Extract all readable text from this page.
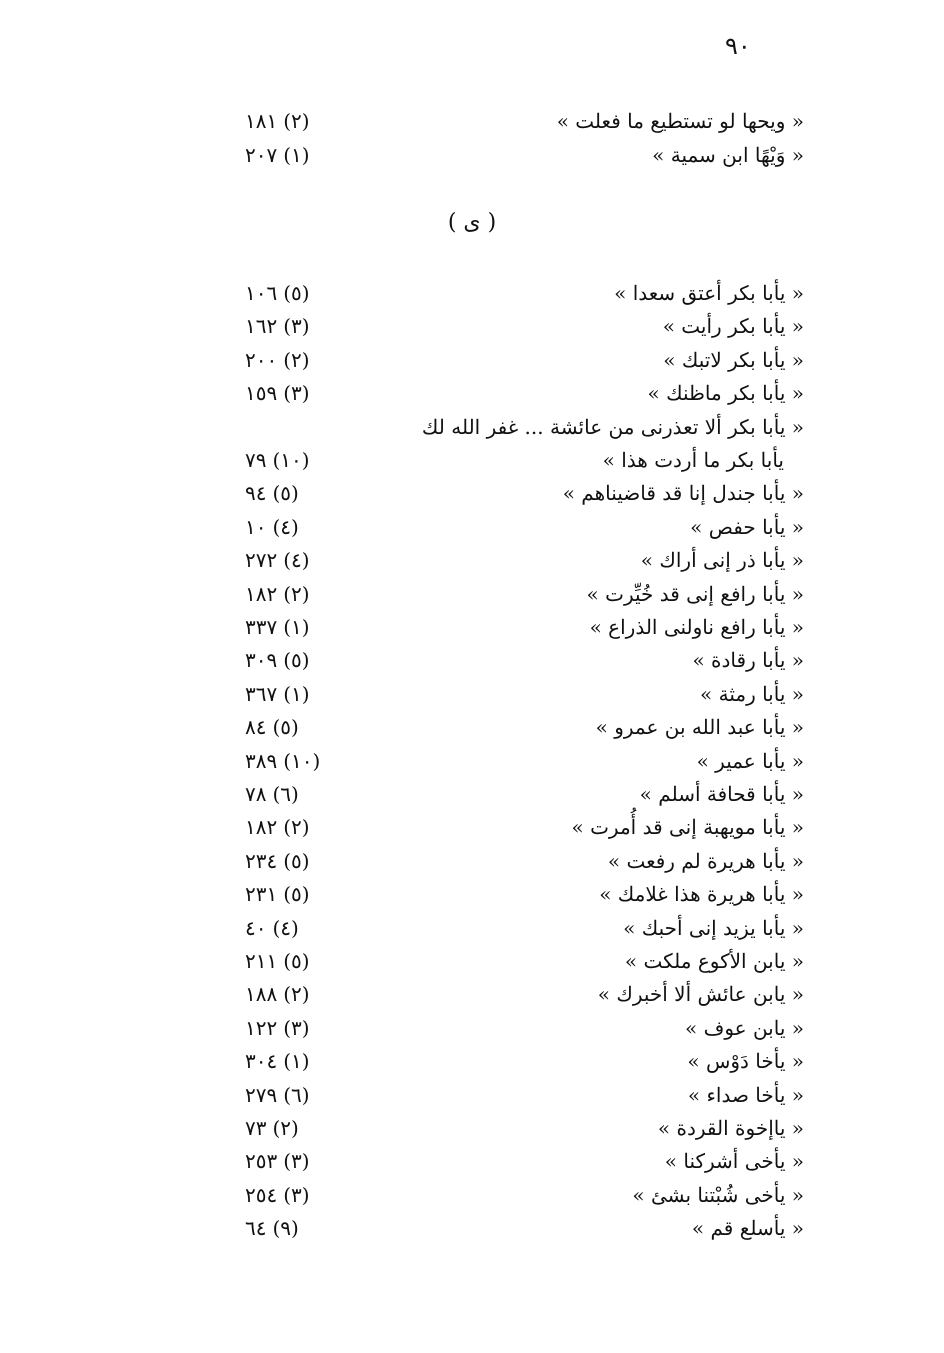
٩٠
« ويحها لو تستطيع ما فعلت »
(٢)١٨١
« وَيْهًا ابن سمية »
(١)٢٠٧
( ى )
« يأبا بكر أعتق سعدا »
(٥)١٠٦
« يأبا بكر رأيت »
(٣)١٦٢
« يأبا بكر لاتبك »
(٢)٢٠٠
« يأبا بكر ماظنك »
(٣)١٥٩
« يأبا بكر ألا تعذرنى من عائشة ... غفر الله لك
يأبا بكر ما أردت هذا »
(١٠)٧٩
« يأبا جندل إنا قد قاضيناهم »
(٥)٩٤
« يأبا حفص »
(٤)١٠
« يأبا ذر إنى أراك »
(٤)٢٧٢
« يأبا رافع إنى قد خُيِّرت »
(٢)١٨٢
« يأبا رافع ناولنى الذراع »
(١)٣٣٧
« يأبا رقادة »
(٥)٣٠٩
« يأبا رمثة »
(١)٣٦٧
« يأبا عبد الله بن عمرو »
(٥)٨٤
« يأبا عمير »
(١٠)٣٨٩
« يأبا قحافة أسلم »
(٦)٧٨
« يأبا مويهبة إنى قد أُمرت »
(٢)١٨٢
« يأبا هريرة لم رفعت »
(٥)٢٣٤
« يأبا هريرة هذا غلامك »
(٥)٢٣١
« يأبا يزيد إنى أحبك »
(٤)٤٠
« يابن الأكوع ملكت »
(٥)٢١١
« يابن عائش ألا أخبرك »
(٢)١٨٨
« يابن عوف »
(٣)١٢٢
« يأخا دَوْس »
(١)٣٠٤
« يأخا صداء »
(٦)٢٧٩
« ياإخوة القردة »
(٢)٧٣
« يأخى أشركنا »
(٣)٢٥٣
« يأخى شُبْتنا بشئ »
(٣)٢٥٤
« يأسلع قم »
(٩)٦٤
